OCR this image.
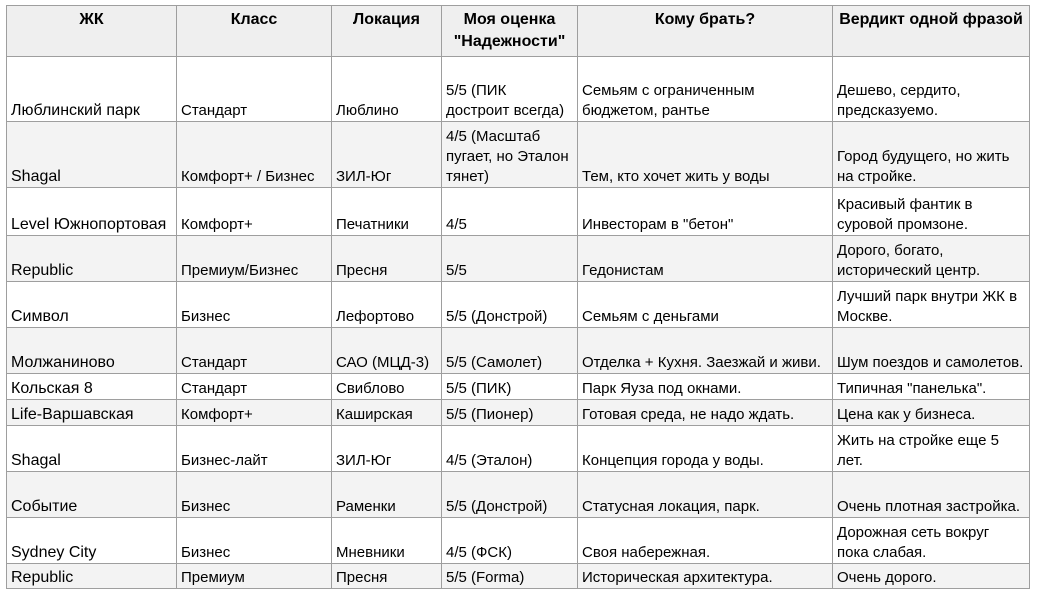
ЖК	Класс	Локация	Моя оценка "Надежности"	Кому брать?	Вердикт одной фразой
Люблинский парк	Стандарт	Люблино	5/5 (ПИК достроит всегда)	Семьям с ограниченным бюджетом, рантье	Дешево, сердито, предсказуемо.
Shagal	Комфорт+ / Бизнес	ЗИЛ-Юг	4/5 (Масштаб пугает, но Эталон тянет)	Тем, кто хочет жить у воды	Город будущего, но жить на стройке.
Level Южнопортовая	Комфорт+	Печатники	4/5	Инвесторам в "бетон"	Красивый фантик в суровой промзоне.
Republic	Премиум/Бизнес	Пресня	5/5	Гедонистам	Дорого, богато, исторический центр.
Символ	Бизнес	Лефортово	5/5 (Донстрой)	Семьям с деньгами	Лучший парк внутри ЖК в Москве.
Молжаниново	Стандарт	САО (МЦД-3)	5/5 (Самолет)	Отделка + Кухня. Заезжай и живи.	Шум поездов и самолетов.
Кольская 8	Стандарт	Свиблово	5/5 (ПИК)	Парк Яуза под окнами.	Типичная "панелька".
Life-Варшавская	Комфорт+	Каширская	5/5 (Пионер)	Готовая среда, не надо ждать.	Цена как у бизнеса.
Shagal	Бизнес-лайт	ЗИЛ-Юг	4/5 (Эталон)	Концепция города у воды.	Жить на стройке еще 5 лет.
Событие	Бизнес	Раменки	5/5 (Донстрой)	Статусная локация, парк.	Очень плотная застройка.
Sydney City	Бизнес	Мневники	4/5 (ФСК)	Своя набережная.	Дорожная сеть вокруг пока слабая.
Republic	Премиум	Пресня	5/5 (Forma)	Историческая архитектура.	Очень дорого.
